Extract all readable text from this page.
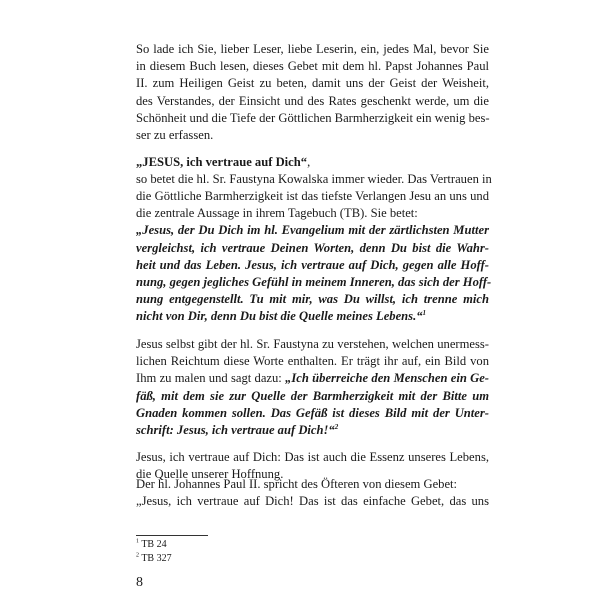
So lade ich Sie, lieber Leser, liebe Leserin, ein, jedes Mal, bevor Sie
in diesem Buch lesen, dieses Gebet mit dem hl. Papst Johannes Paul
II. zum Heiligen Geist zu beten, damit uns der Geist der Weisheit,
des Verstandes, der Einsicht und des Rates geschenkt werde, um die
Schönheit und die Tiefe der Göttlichen Barmherzigkeit ein wenig bes-
ser zu erfassen.
„JESUS, ich vertraue auf Dich“,
so betet die hl. Sr. Faustyna Kowalska immer wieder. Das Vertrauen in
die Göttliche Barmherzigkeit ist das tiefste Verlangen Jesu an uns und
die zentrale Aussage in ihrem Tagebuch (TB). Sie betet:
„Jesus, der Du Dich im hl. Evangelium mit der zärtlichsten Mutter
vergleichst, ich vertraue Deinen Worten, denn Du bist die Wahr-
heit und das Leben. Jesus, ich vertraue auf Dich, gegen alle Hoff-
nung, gegen jegliches Gefühl in meinem Inneren, das sich der Hoff-
nung entgegenstellt. Tu mit mir, was Du willst, ich trenne mich
nicht von Dir, denn Du bist die Quelle meines Lebens.“$^1$
Jesus selbst gibt der hl. Sr. Faustyna zu verstehen, welchen unermess-
lichen Reichtum diese Worte enthalten. Er trägt ihr auf, ein Bild von
Ihm zu malen und sagt dazu: „Ich überreiche den Menschen ein Ge-
fäß, mit dem sie zur Quelle der Barmherzigkeit mit der Bitte um
Gnaden kommen sollen. Das Gefäß ist dieses Bild mit der Unter-
schrift: Jesus, ich vertraue auf Dich!“$^2$
Jesus, ich vertraue auf Dich: Das ist auch die Essenz unseres Lebens,
die Quelle unserer Hoffnung.
$^1$ TB 24
$^2$ TB 327
8
Der hl. Johannes Paul II. spricht des Öfteren von diesem Gebet:
„Jesus, ich vertraue auf Dich! Das ist das einfache Gebet, das uns
